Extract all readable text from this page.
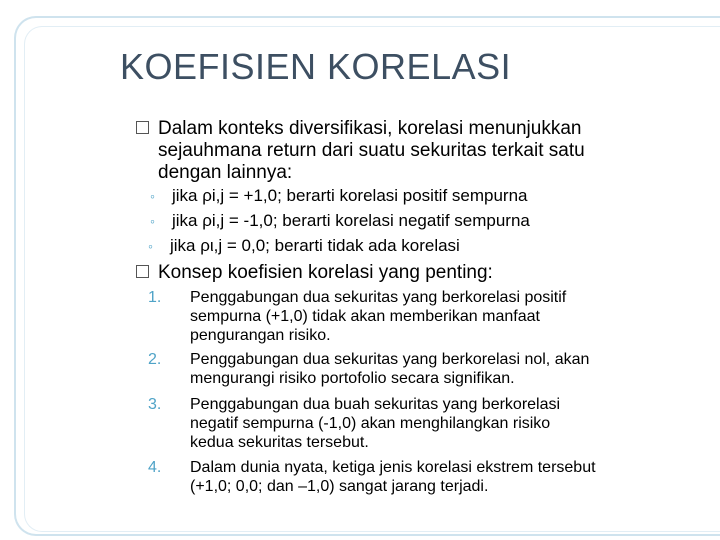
KOEFISIEN KORELASI
Dalam konteks diversifikasi, korelasi menunjukkan
sejauhmana return dari suatu sekuritas terkait satu
dengan lainnya:
◦ jika ρi,j = +1,0; berarti korelasi positif sempurna
◦ jika ρi,j = -1,0; berarti korelasi negatif sempurna
◦ jika ρι,j = 0,0; berarti tidak ada korelasi
Konsep koefisien korelasi yang penting:
1. Penggabungan dua sekuritas yang berkorelasi positif
sempurna (+1,0) tidak akan memberikan manfaat
pengurangan risiko.
2. Penggabungan dua sekuritas yang berkorelasi nol, akan
mengurangi risiko portofolio secara signifikan.
3. Penggabungan dua buah sekuritas yang berkorelasi
negatif sempurna (-1,0) akan menghilangkan risiko
kedua sekuritas tersebut.
4. Dalam dunia nyata, ketiga jenis korelasi ekstrem tersebut
(+1,0; 0,0; dan –1,0) sangat jarang terjadi.
